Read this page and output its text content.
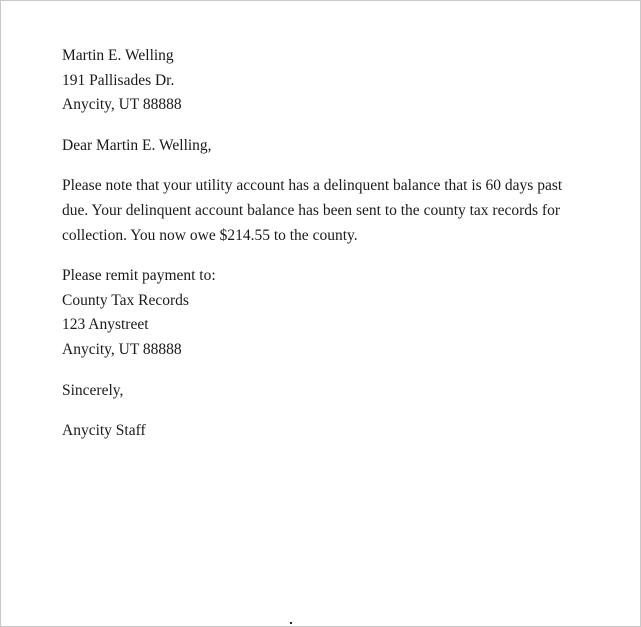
Martin E. Welling
191 Pallisades Dr.
Anycity, UT 88888
Dear Martin E. Welling,
Please note that your utility account has a delinquent balance that is 60 days past due. Your delinquent account balance has been sent to the county tax records for collection. You now owe $214.55 to the county.
Please remit payment to:
County Tax Records
123 Anystreet
Anycity, UT 88888
Sincerely,
Anycity Staff
